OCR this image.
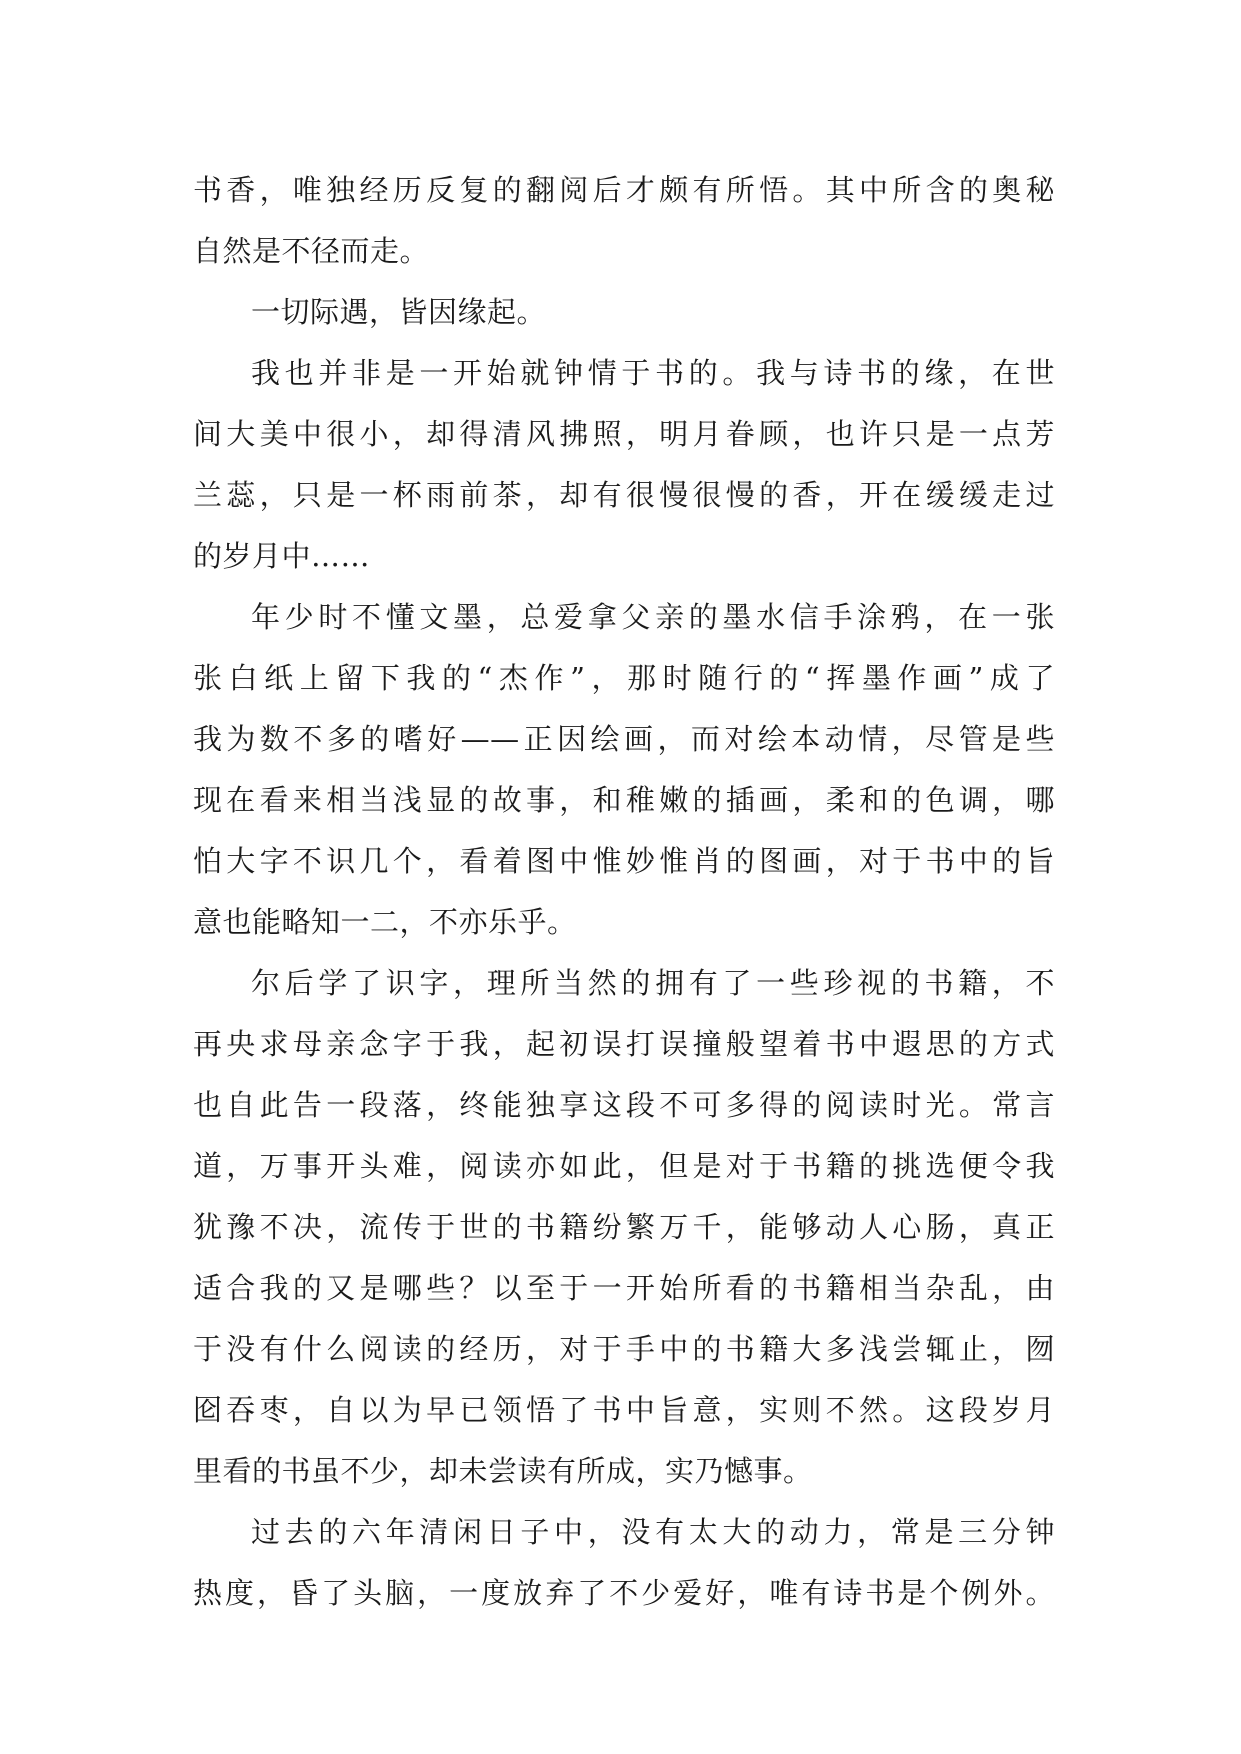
书香，唯独经历反复的翻阅后才颇有所悟。其中所含的奥秘
自然是不径而走。
一切际遇，皆因缘起。
我也并非是一开始就钟情于书的。我与诗书的缘，在世
间大美中很小，却得清风拂照，明月眷顾，也许只是一点芳
兰蕊，只是一杯雨前茶，却有很慢很慢的香，开在缓缓走过
的岁月中……
年少时不懂文墨，总爱拿父亲的墨水信手涂鸦，在一张
张白纸上留下我的“杰作”，那时随行的“挥墨作画”成了
我为数不多的嗜好——正因绘画，而对绘本动情，尽管是些
现在看来相当浅显的故事，和稚嫩的插画，柔和的色调，哪
怕大字不识几个，看着图中惟妙惟肖的图画，对于书中的旨
意也能略知一二，不亦乐乎。
尔后学了识字，理所当然的拥有了一些珍视的书籍，不
再央求母亲念字于我，起初误打误撞般望着书中遐思的方式
也自此告一段落，终能独享这段不可多得的阅读时光。常言
道，万事开头难，阅读亦如此，但是对于书籍的挑选便令我
犹豫不决，流传于世的书籍纷繁万千，能够动人心肠，真正
适合我的又是哪些？以至于一开始所看的书籍相当杂乱，由
于没有什么阅读的经历，对于手中的书籍大多浅尝辄止，囫
囵吞枣，自以为早已领悟了书中旨意，实则不然。这段岁月
里看的书虽不少，却未尝读有所成，实乃憾事。
过去的六年清闲日子中，没有太大的动力，常是三分钟
热度，昏了头脑，一度放弃了不少爱好，唯有诗书是个例外。
